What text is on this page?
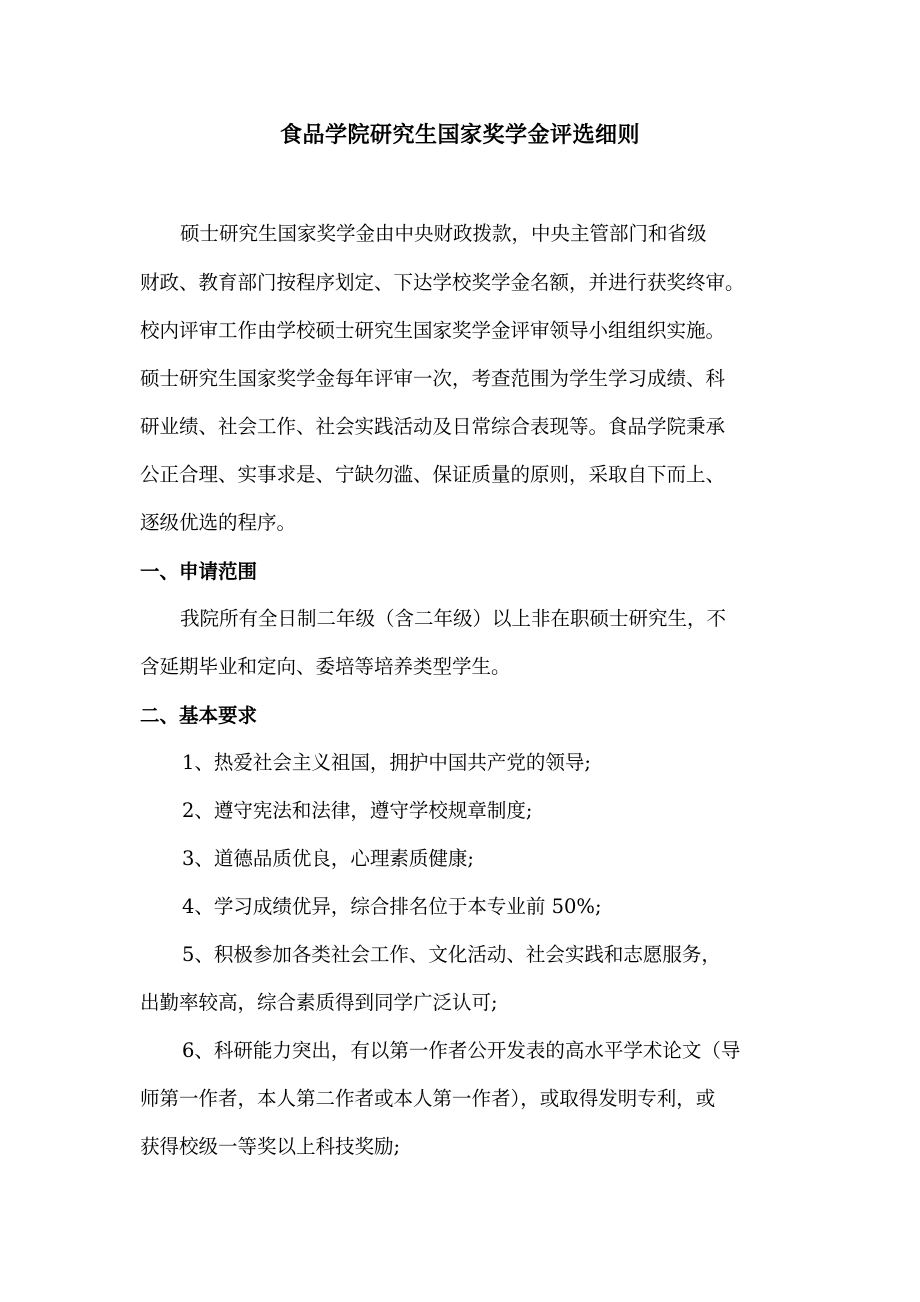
食品学院研究生国家奖学金评选细则

硕士研究生国家奖学金由中央财政拨款，中央主管部门和省级

财政、教育部门按程序划定、下达学校奖学金名额，并进行获奖终审。

校内评审工作由学校硕士研究生国家奖学金评审领导小组组织实施。

硕士研究生国家奖学金每年评审一次，考查范围为学生学习成绩、科

研业绩、社会工作、社会实践活动及日常综合表现等。食品学院秉承

公正合理、实事求是、宁缺勿滥、保证质量的原则，采取自下而上、

逐级优选的程序。

一、申请范围

我院所有全日制二年级（含二年级）以上非在职硕士研究生，不

含延期毕业和定向、委培等培养类型学生。

二、基本要求

1、热爱社会主义祖国，拥护中国共产党的领导;

2、遵守宪法和法律，遵守学校规章制度;

3、道德品质优良，心理素质健康;

4、学习成绩优异，综合排名位于本专业前 50%;

5、积极参加各类社会工作、文化活动、社会实践和志愿服务，

出勤率较高，综合素质得到同学广泛认可;

6、科研能力突出，有以第一作者公开发表的高水平学术论文（导

师第一作者，本人第二作者或本人第一作者），或取得发明专利，或

获得校级一等奖以上科技奖励;
